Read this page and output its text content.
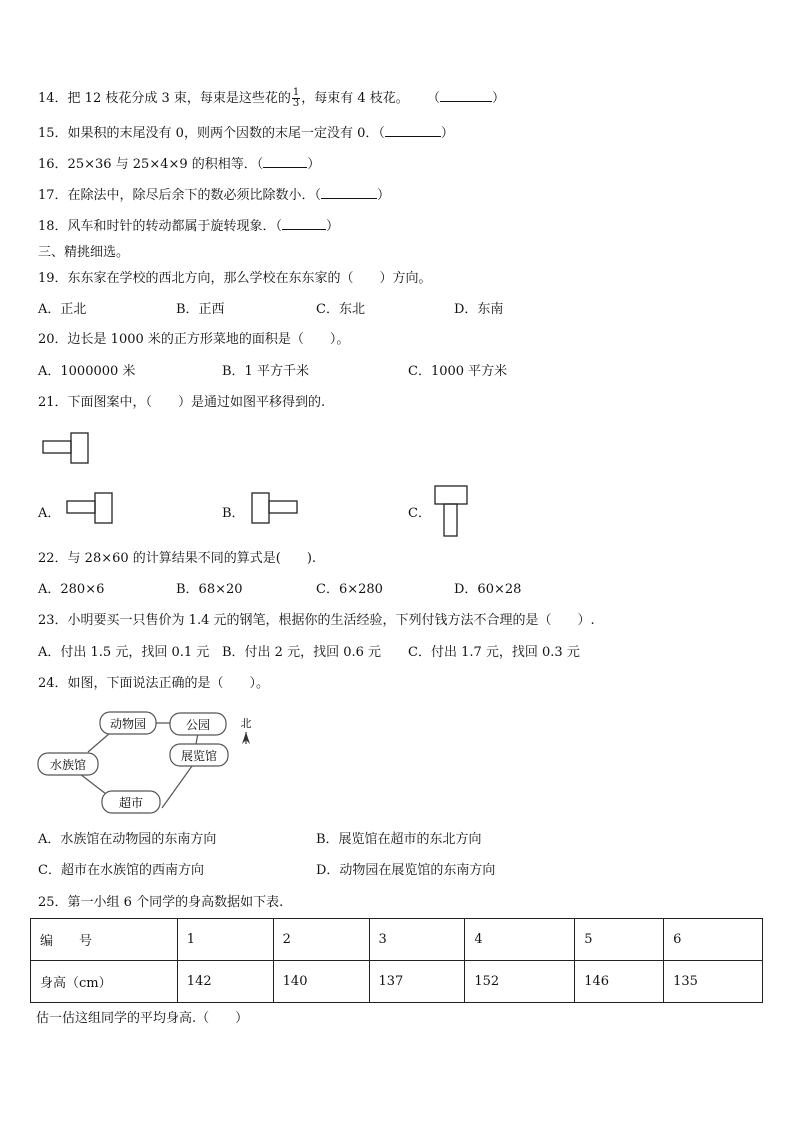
14．把 12 枝花分成 3 束，每束是这些花的 $\frac{1}{3}$ ，每束有 4 枝花。 （	）
15．如果积的末尾没有 0，则两个因数的末尾一定没有 0．（	）
16．25×36 与 25×4×9 的积相等．（	）
17．在除法中，除尽后余下的数必须比除数小．（	）
18．风车和时针的转动都属于旋转现象．（	）
三、精挑细选。
19．东东家在学校的西北方向，那么学校在东东家的（　　）方向。
A．正北	B．正西	C．东北	D．东南
20．边长是 1000 米的正方形菜地的面积是（　　）。
A．1000000 米	B．1 平方千米	C．1000 平方米
21．下面图案中，（　　）是通过如图平移得到的.
A．	B．	C．
22．与 28×60 的计算结果不同的算式是(　　).
A．280×6	B．68×20	C．6×280	D．60×28
23．小明要买一只售价为 1.4 元的钢笔，根据你的生活经验，下列付钱方法不合理的是（　　）.
A．付出 1.5 元，找回 0.1 元 B．付出 2 元，找回 0.6 元 C．付出 1.7 元，找回 0.3 元
24．如图，下面说法正确的是（　　）。
动物园	公园
展览馆
水族馆
超市
北
A．水族馆在动物园的东南方向	B．展览馆在超市的东北方向
C．超市在水族馆的西南方向	D．动物园在展览馆的东南方向
25．第一小组 6 个同学的身高数据如下表.
编　　号	1	2	3	4	5	6
身高（cm）	142	140	137	152	146	135
估一估这组同学的平均身高.（　　）
